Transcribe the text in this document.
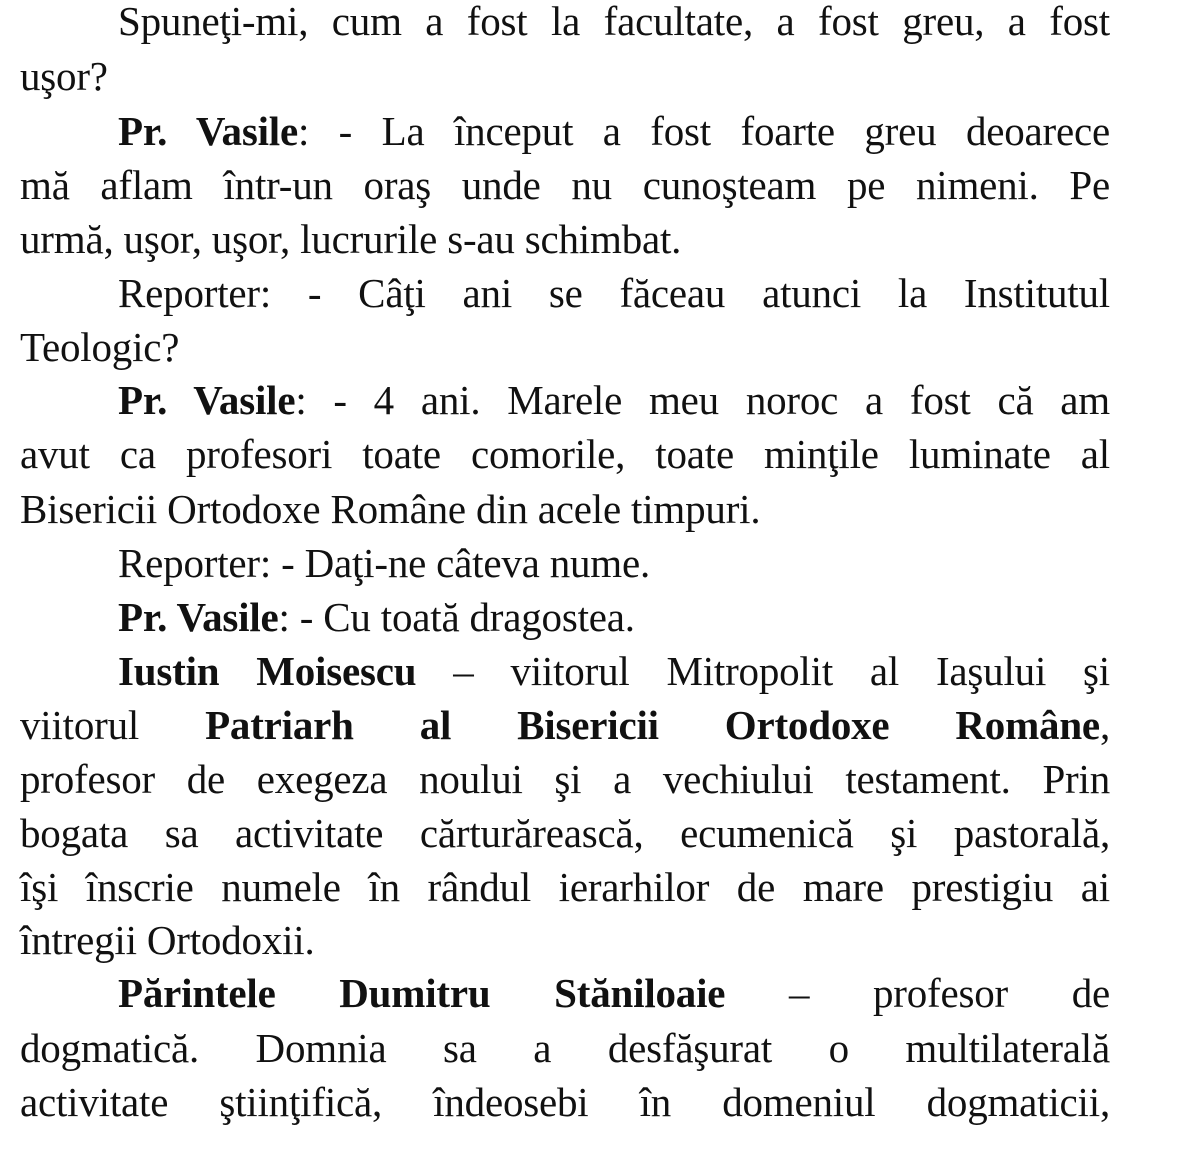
Spuneţi-mi, cum a fost la facultate, a fost greu, a fost
uşor?
Pr. Vasile: - La început a fost foarte greu deoarece
mă aflam într-un oraş unde nu cunoşteam pe nimeni. Pe
urmă, uşor, uşor, lucrurile s-au schimbat.
Reporter: - Câţi ani se făceau atunci la Institutul
Teologic?
Pr. Vasile: - 4 ani. Marele meu noroc a fost că am
avut ca profesori toate comorile, toate minţile luminate al
Bisericii Ortodoxe Române din acele timpuri.
Reporter: - Daţi-ne câteva nume.
Pr. Vasile: - Cu toată dragostea.
Iustin Moisescu – viitorul Mitropolit al Iaşului şi
viitorul Patriarh al Bisericii Ortodoxe Române,
profesor de exegeza noului şi a vechiului testament. Prin
bogata sa activitate cărturărească, ecumenică şi pastorală,
îşi înscrie numele în rândul ierarhilor de mare prestigiu ai
întregii Ortodoxii.
Părintele Dumitru Stăniloaie – profesor de
dogmatică. Domnia sa a desfăşurat o multilaterală
activitate ştiinţifică, îndeosebi în domeniul dogmaticii,
